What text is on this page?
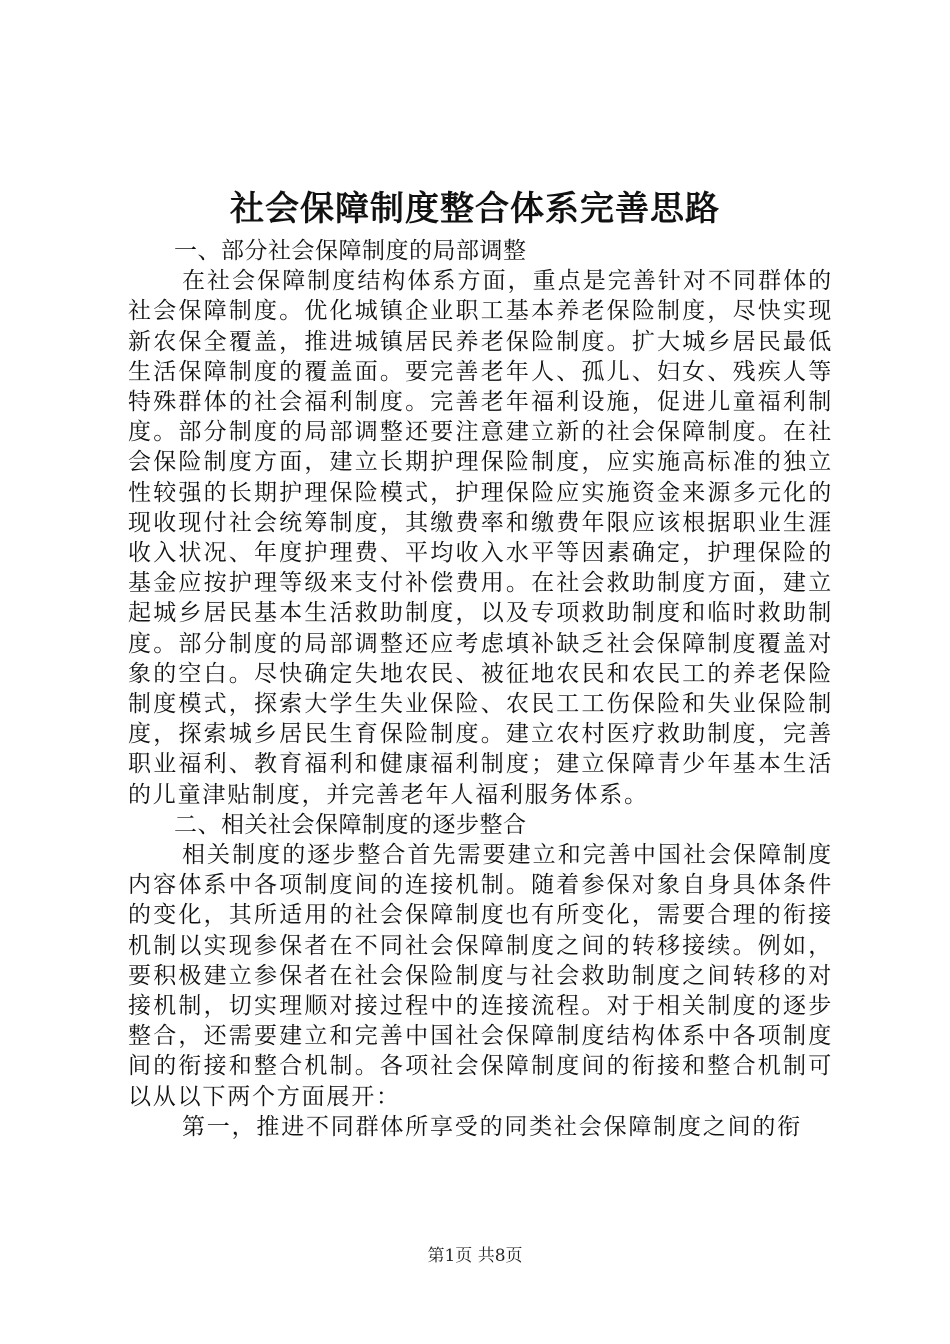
社会保障制度整合体系完善思路

一、部分社会保障制度的局部调整

在社会保障制度结构体系方面，重点是完善针对不同群体的社会保障制度。优化城镇企业职工基本养老保险制度，尽快实现新农保全覆盖，推进城镇居民养老保险制度。扩大城乡居民最低生活保障制度的覆盖面。要完善老年人、孤儿、妇女、残疾人等特殊群体的社会福利制度。完善老年福利设施，促进儿童福利制度。部分制度的局部调整还要注意建立新的社会保障制度。在社会保险制度方面，建立长期护理保险制度，应实施高标准的独立性较强的长期护理保险模式，护理保险应实施资金来源多元化的现收现付社会统筹制度，其缴费率和缴费年限应该根据职业生涯收入状况、年度护理费、平均收入水平等因素确定，护理保险的基金应按护理等级来支付补偿费用。在社会救助制度方面，建立起城乡居民基本生活救助制度，以及专项救助制度和临时救助制度。部分制度的局部调整还应考虑填补缺乏社会保障制度覆盖对象的空白。尽快确定失地农民、被征地农民和农民工的养老保险制度模式，探索大学生失业保险、农民工工伤保险和失业保险制度，探索城乡居民生育保险制度。建立农村医疗救助制度，完善职业福利、教育福利和健康福利制度；建立保障青少年基本生活的儿童津贴制度，并完善老年人福利服务体系。

二、相关社会保障制度的逐步整合

相关制度的逐步整合首先需要建立和完善中国社会保障制度内容体系中各项制度间的连接机制。随着参保对象自身具体条件的变化，其所适用的社会保障制度也有所变化，需要合理的衔接机制以实现参保者在不同社会保障制度之间的转移接续。例如，要积极建立参保者在社会保险制度与社会救助制度之间转移的对接机制，切实理顺对接过程中的连接流程。对于相关制度的逐步整合，还需要建立和完善中国社会保障制度结构体系中各项制度间的衔接和整合机制。各项社会保障制度间的衔接和整合机制可以从以下两个方面展开：

第一，推进不同群体所享受的同类社会保障制度之间的衔

第1页 共8页
